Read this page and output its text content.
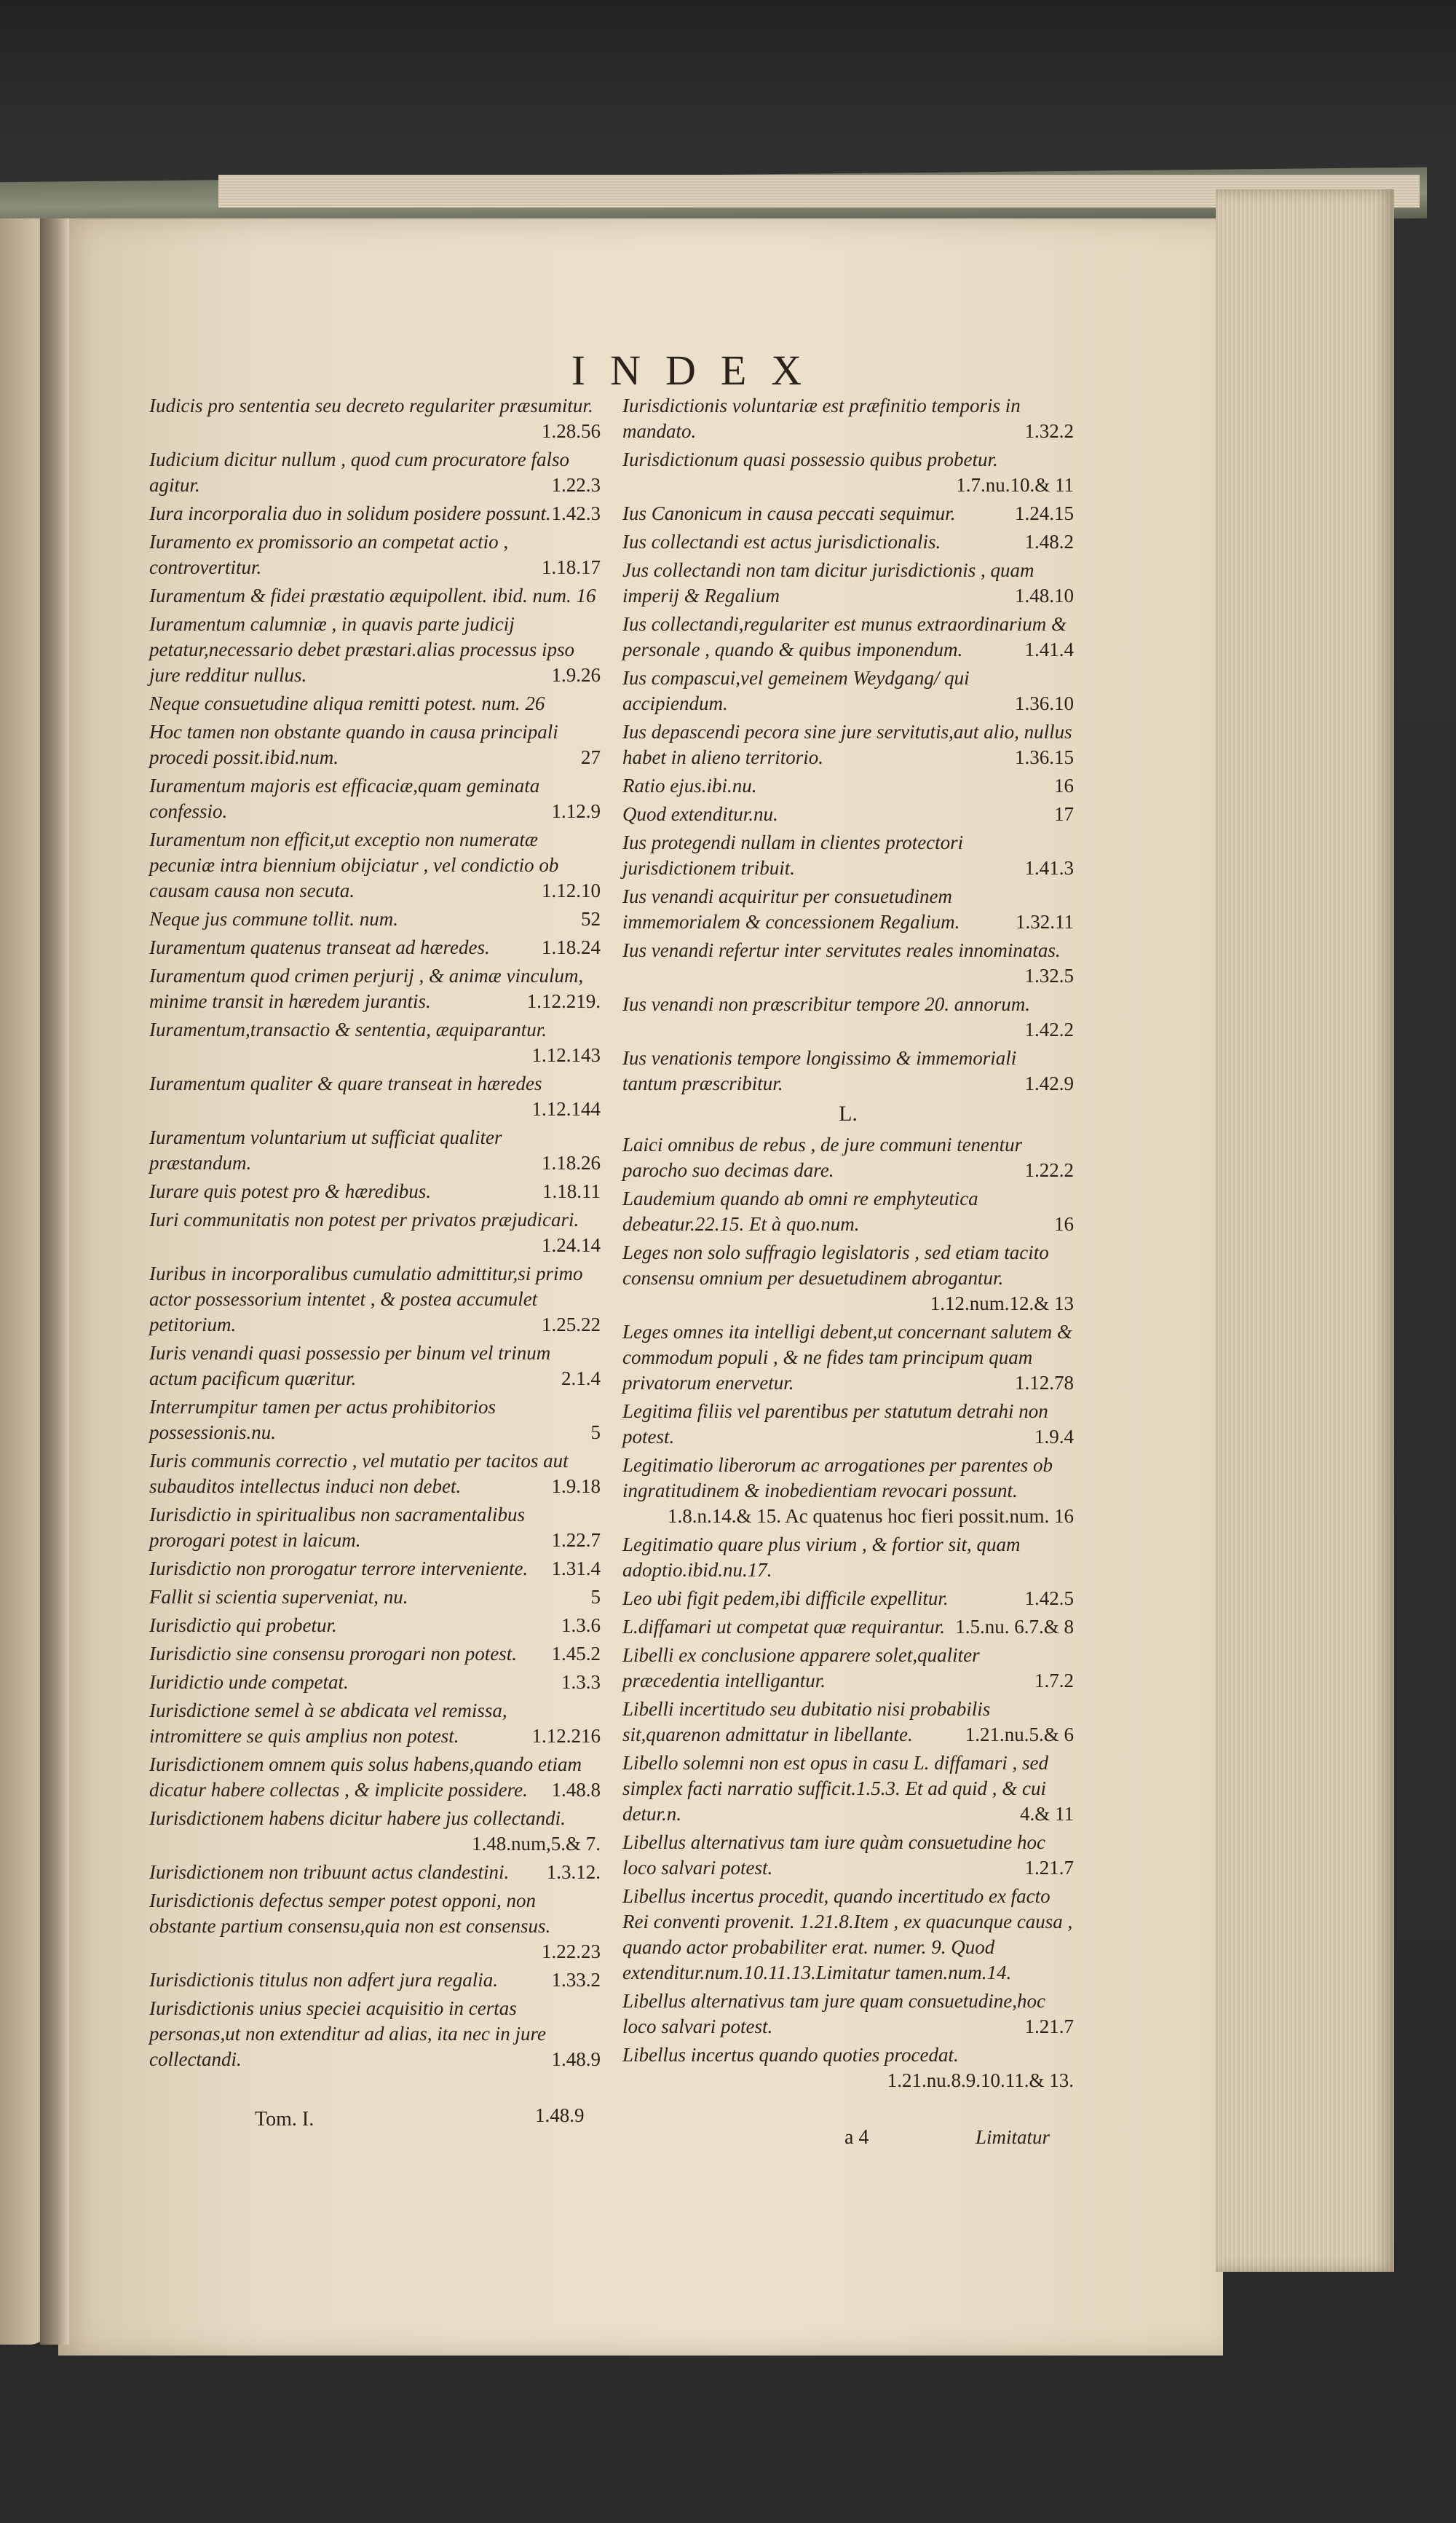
INDEX
Iudicis pro sententia seu decreto regulariter præsumitur.
1.28.56
Iudicium dicitur nullum , quod cum procuratore falso agitur.	1.22.3
Iura incorporalia duo in solidum posidere possunt. 1.42.3
Iuramento ex promissorio an competat actio , controvertitur.	1.18.17
Iuramentum & fidei præstatio æquipollent. ibid. num. 16
Iuramentum calumniæ , in quavis parte judicij petatur,necessario debet præstari.alias processus ipso jure redditur nullus.	1.9.26
Neque consuetudine aliqua remitti potest. num. 26
Hoc tamen non obstante quando in causa principali procedi possit.ibid.num.	27
Iuramentum majoris est efficaciæ,quam geminata confessio.	1.12.9
Iuramentum non efficit,ut exceptio non numeratæ pecuniæ intra biennium obijciatur , vel condictio ob causam causa non secuta.	1.12.10
Neque jus commune tollit. num.	52
Iuramentum quatenus transeat ad hæredes.	1.18.24
Iuramentum quod crimen perjurij , & animæ vinculum, minime transit in hæredem jurantis.	1.12.219.
Iuramentum,transactio & sententia, æquiparantur.
1.12.143
Iuramentum qualiter & quare transeat in hæredes
1.12.144
Iuramentum voluntarium ut sufficiat qualiter præstandum.	1.18.26
Iurare quis potest pro & hæredibus.	1.18.11
Iuri communitatis non potest per privatos præjudicari.
1.24.14
Iuribus in incorporalibus cumulatio admittitur,si primo actor possessorium intentet , & postea accumulet petitorium.	1.25.22
Iuris venandi quasi possessio per binum vel trinum actum pacificum quæritur.	2.1.4
Interrumpitur tamen per actus prohibitorios possessionis.nu.	5
Iuris communis correctio , vel mutatio per tacitos aut subauditos intellectus induci non debet.	1.9.18
Iurisdictio in spiritualibus non sacramentalibus prorogari potest in laicum.	1.22.7
Iurisdictio non prorogatur terrore interveniente. 1.31.4
Fallit si scientia superveniat, nu.	5
Iurisdictio qui probetur.	1.3.6
Iurisdictio sine consensu prorogari non potest. 1.45.2
Iuridictio unde competat.	1.3.3
Iurisdictione semel à se abdicata vel remissa, intromittere se quis amplius non potest.	1.12.216
Iurisdictionem omnem quis solus habens,quando etiam dicatur habere collectas , & implicite possidere. 1.48.8
Iurisdictionem habens dicitur habere jus collectandi.
1.48.num,5.& 7.
Iurisdictionem non tribuunt actus clandestini. 1.3.12.
Iurisdictionis defectus semper potest opponi, non obstante partium consensu,quia non est consensus.
1.22.23
Iurisdictionis titulus non adfert jura regalia.	1.33.2
Iurisdictionis unius speciei acquisitio in certas personas,ut non extenditur ad alias, ita nec in jure collectandi.	1.48.9
Iurisdictionis voluntariæ est præfinitio temporis in mandato.	1.32.2
Iurisdictionum quasi possessio quibus probetur.
1.7.nu.10.& 11
Ius Canonicum in causa peccati sequimur.	1.24.15
Ius collectandi est actus jurisdictionalis.	1.48.2
Jus collectandi non tam dicitur jurisdictionis , quam imperij & Regalium	1.48.10
Ius collectandi,regulariter est munus extraordinarium & personale , quando & quibus imponendum.	1.41.4
Ius compascui,vel gemeinem Weydgang/ qui accipiendum.	1.36.10
Ius depascendi pecora sine jure servitutis,aut alio, nullus habet in alieno territorio.	1.36.15
Ratio ejus.ibi.nu.	16
Quod extenditur.nu.	17
Ius protegendi nullam in clientes protectori jurisdictionem tribuit.	1.41.3
Ius venandi acquiritur per consuetudinem immemorialem & concessionem Regalium.	1.32.11
Ius venandi refertur inter servitutes reales innominatas.
1.32.5
Ius venandi non præscribitur tempore 20. annorum.
1.42.2
Ius venationis tempore longissimo & immemoriali tantum præscribitur.	1.42.9
L.
Laici omnibus de rebus , de jure communi tenentur parocho suo decimas dare.	1.22.2
Laudemium quando ab omni re emphyteutica debeatur.22.15. Et à quo.num.	16
Leges non solo suffragio legislatoris , sed etiam tacito consensu omnium per desuetudinem abrogantur.
1.12.num.12.& 13
Leges omnes ita intelligi debent,ut concernant salutem & commodum populi , & ne fides tam principum quam privatorum enervetur.	1.12.78
Legitima filiis vel parentibus per statutum detrahi non potest.	1.9.4
Legitimatio liberorum ac arrogationes per parentes ob ingratitudinem & inobedientiam revocari possunt.
1.8.n.14.& 15. Ac quatenus hoc fieri possit.num. 16
Legitimatio quare plus virium , & fortior sit, quam adoptio.ibid.nu.17.
Leo ubi figit pedem,ibi difficile expellitur.	1.42.5
L.diffamari ut competat quæ requirantur. 1.5.nu. 6.7.& 8
Libelli ex conclusione apparere solet,qualiter præcedentia intelligantur.	1.7.2
Libelli incertitudo seu dubitatio nisi probabilis sit,quarenon admittatur in libellante.	1.21.nu.5.& 6
Libello solemni non est opus in casu L. diffamari , sed simplex facti narratio sufficit.1.5.3. Et ad quid , & cui detur.n.	4.& 11
Libellus alternativus tam iure quàm consuetudine hoc loco salvari potest.	1.21.7
Libellus incertus procedit, quando incertitudo ex facto Rei conventi provenit. 1.21.8.Item , ex quacunque causa , quando actor probabiliter erat. numer. 9. Quod extenditur.num.10.11.13.Limitatur tamen.num.14.
Libellus alternativus tam jure quam consuetudine,hoc loco salvari potest.	1.21.7
Libellus incertus quando quoties procedat.
1.21.nu.8.9.10.11.& 13.
Tom. I.	1.48.9
a 4	Limitatur
